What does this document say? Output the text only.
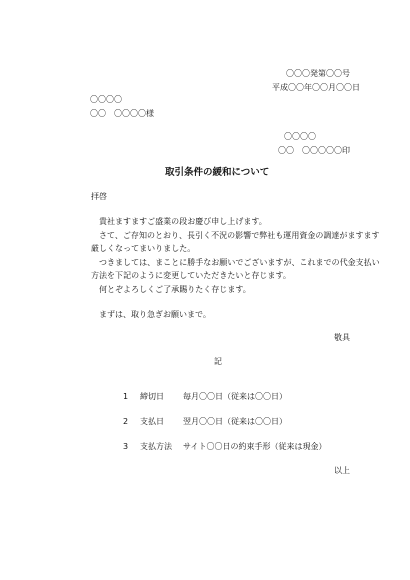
〇〇〇発第〇〇号
平成〇〇年〇〇月〇〇日
〇〇〇〇
〇〇　〇〇〇〇様
〇〇〇〇
〇〇　〇〇〇〇〇印
取引条件の緩和について
拝啓
貴社ますますご盛業の段お慶び申し上げます。
さて、ご存知のとおり、長引く不況の影響で弊社も運用資金の調達がますます
厳しくなってまいりました。
つきましては、まことに勝手なお願いでございますが、これまでの代金支払い
方法を下記のように変更していただきたいと存じます。
何とぞよろしくご了承賜りたく存じます。
まずは、取り急ぎお願いまで。
敬具
記
1 締切日 毎月〇〇日（従来は〇〇日）
2 支払日 翌月〇〇日（従来は〇〇日）
3 支払方法 サイト〇〇日の約束手形（従来は現金）
以上
